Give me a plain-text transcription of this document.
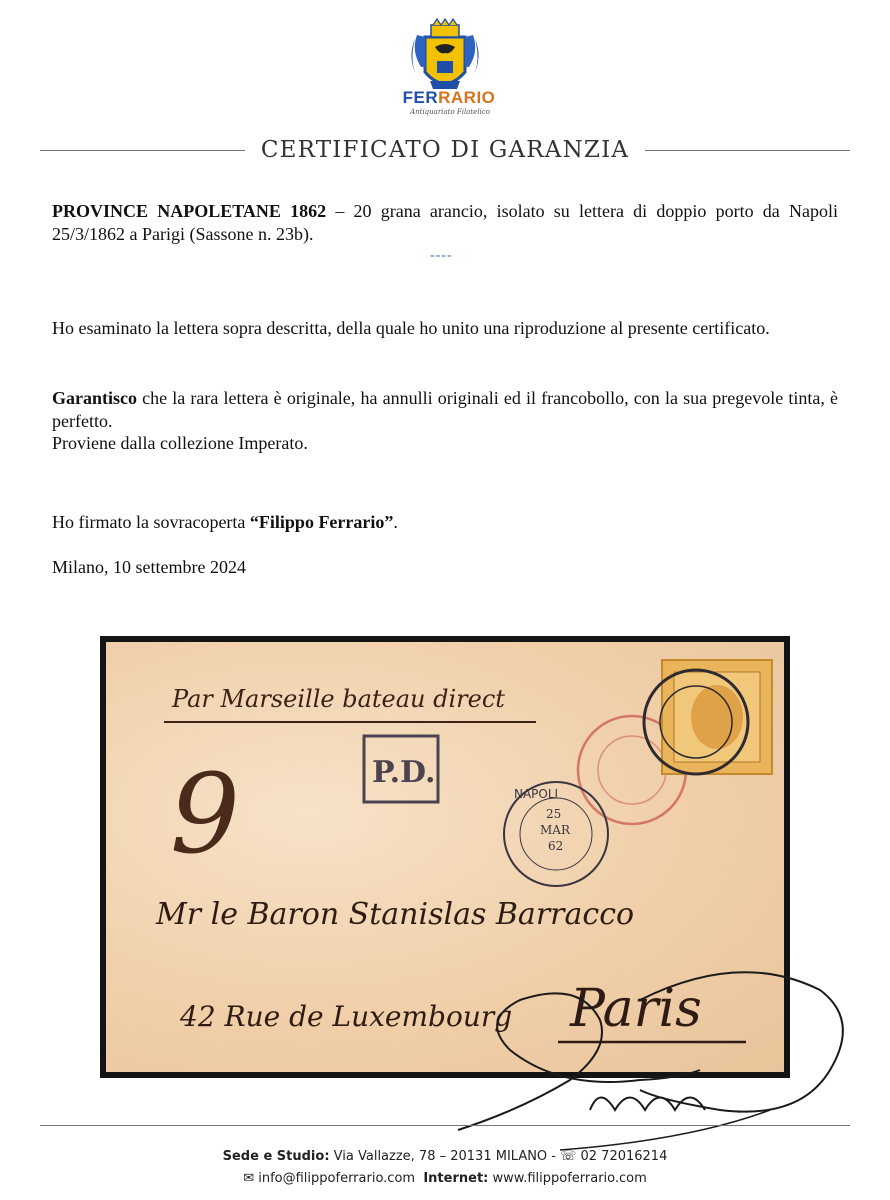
FERRARIO
Antiquariato Filatelico
CERTIFICATO DI GARANZIA

PROVINCE NAPOLETANE 1862 – 20 grana arancio, isolato su lettera di doppio porto da Napoli 25/3/1862 a Parigi (Sassone n. 23b).

----

Ho esaminato la lettera sopra descritta, della quale ho unito una riproduzione al presente certificato.

Garantisco che la rara lettera è originale, ha annulli originali ed il francobollo, con la sua pregevole tinta, è perfetto.

Proviene dalla collezione Imperato.

Ho firmato la sovracoperta “Filippo Ferrario”.

Milano, 10 settembre 2024

Par Marseille bateau direct
9	P.D.
NAPOLI
25
MAR
62
Mr le Baron Stanislas Barracco
42 Rue de Luxembourg Paris
Sede e Studio: Via Vallazze, 78 – 20131 MILANO - ☏ 02 72016214
✉ info@filippoferrario.com Internet: www.filippoferrario.com
